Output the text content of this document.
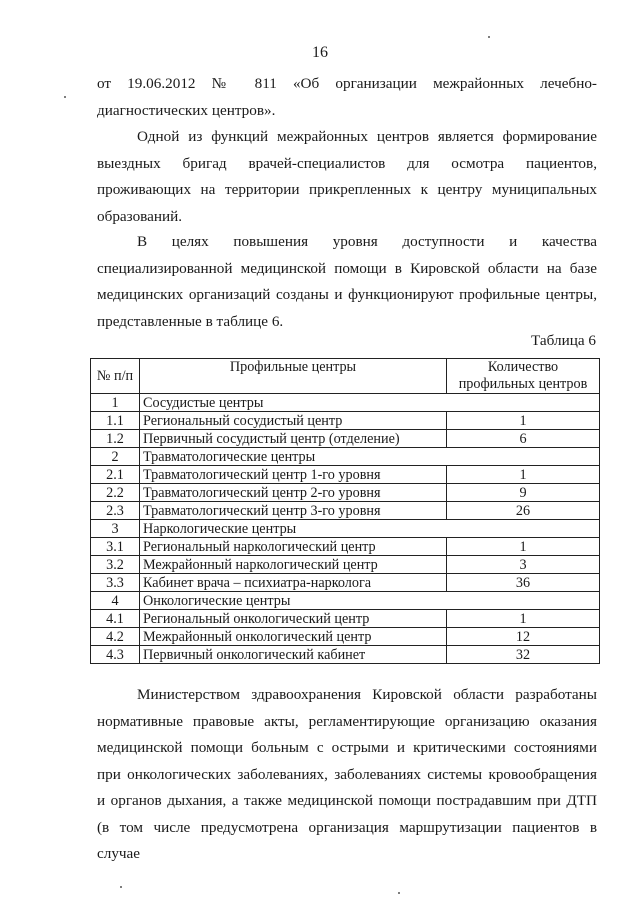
16
от 19.06.2012 № 811 «Об организации межрайонных лечебно-
диагностических центров».
Одной из функций межрайонных центров является формирование
выездных бригад врачей-специалистов для осмотра пациентов,
проживающих на территории прикрепленных к центру муниципальных
образований.
В целях повышения уровня доступности и качества
специализированной медицинской помощи в Кировской области на базе
медицинских организаций созданы и функционируют профильные центры,
представленные в таблице 6.
Таблица 6
№ п/п	Профильные центры	Количество профильных центров
1	Сосудистые центры	
1.1	Региональный сосудистый центр	1
1.2	Первичный сосудистый центр (отделение)	6
2	Травматологические центры	
2.1	Травматологический центр 1-го уровня	1
2.2	Травматологический центр 2-го уровня	9
2.3	Травматологический центр 3-го уровня	26
3	Наркологические центры	
3.1	Региональный наркологический центр	1
3.2	Межрайонный наркологический центр	3
3.3	Кабинет врача – психиатра-нарколога	36
4	Онкологические центры	
4.1	Региональный онкологический центр	1
4.2	Межрайонный онкологический центр	12
4.3	Первичный онкологический кабинет	32
Министерством здравоохранения Кировской области разработаны
нормативные правовые акты, регламентирующие организацию оказания
медицинской помощи больным с острыми и критическими состояниями
при онкологических заболеваниях, заболеваниях системы кровообращения
и органов дыхания, а также медицинской помощи пострадавшим при ДТП
(в том числе предусмотрена организация маршрутизации пациентов в случае
